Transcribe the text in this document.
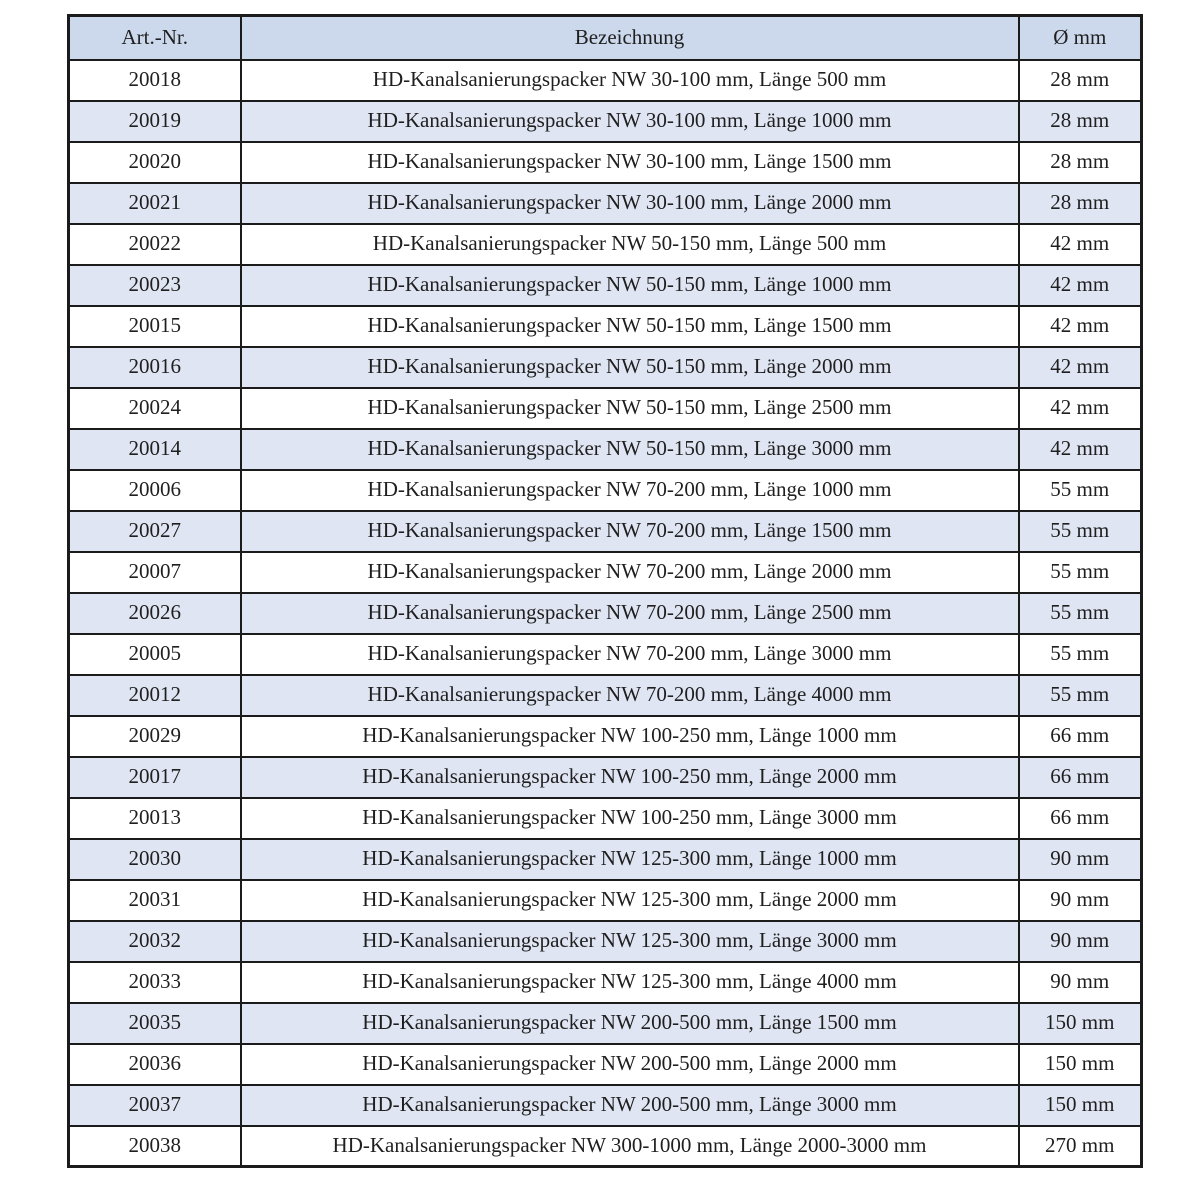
Art.-Nr.	Bezeichnung	Ø mm
20018	HD-Kanalsanierungspacker NW 30-100 mm, Länge 500 mm	28 mm
20019	HD-Kanalsanierungspacker NW 30-100 mm, Länge 1000 mm	28 mm
20020	HD-Kanalsanierungspacker NW 30-100 mm, Länge 1500 mm	28 mm
20021	HD-Kanalsanierungspacker NW 30-100 mm, Länge 2000 mm	28 mm
20022	HD-Kanalsanierungspacker NW 50-150 mm, Länge 500 mm	42 mm
20023	HD-Kanalsanierungspacker NW 50-150 mm, Länge 1000 mm	42 mm
20015	HD-Kanalsanierungspacker NW 50-150 mm, Länge 1500 mm	42 mm
20016	HD-Kanalsanierungspacker NW 50-150 mm, Länge 2000 mm	42 mm
20024	HD-Kanalsanierungspacker NW 50-150 mm, Länge 2500 mm	42 mm
20014	HD-Kanalsanierungspacker NW 50-150 mm, Länge 3000 mm	42 mm
20006	HD-Kanalsanierungspacker NW 70-200 mm, Länge 1000 mm	55 mm
20027	HD-Kanalsanierungspacker NW 70-200 mm, Länge 1500 mm	55 mm
20007	HD-Kanalsanierungspacker NW 70-200 mm, Länge 2000 mm	55 mm
20026	HD-Kanalsanierungspacker NW 70-200 mm, Länge 2500 mm	55 mm
20005	HD-Kanalsanierungspacker NW 70-200 mm, Länge 3000 mm	55 mm
20012	HD-Kanalsanierungspacker NW 70-200 mm, Länge 4000 mm	55 mm
20029	HD-Kanalsanierungspacker NW 100-250 mm, Länge 1000 mm	66 mm
20017	HD-Kanalsanierungspacker NW 100-250 mm, Länge 2000 mm	66 mm
20013	HD-Kanalsanierungspacker NW 100-250 mm, Länge 3000 mm	66 mm
20030	HD-Kanalsanierungspacker NW 125-300 mm, Länge 1000 mm	90 mm
20031	HD-Kanalsanierungspacker NW 125-300 mm, Länge 2000 mm	90 mm
20032	HD-Kanalsanierungspacker NW 125-300 mm, Länge 3000 mm	90 mm
20033	HD-Kanalsanierungspacker NW 125-300 mm, Länge 4000 mm	90 mm
20035	HD-Kanalsanierungspacker NW 200-500 mm, Länge 1500 mm	150 mm
20036	HD-Kanalsanierungspacker NW 200-500 mm, Länge 2000 mm	150 mm
20037	HD-Kanalsanierungspacker NW 200-500 mm, Länge 3000 mm	150 mm
20038	HD-Kanalsanierungspacker NW 300-1000 mm, Länge 2000-3000 mm	270 mm
